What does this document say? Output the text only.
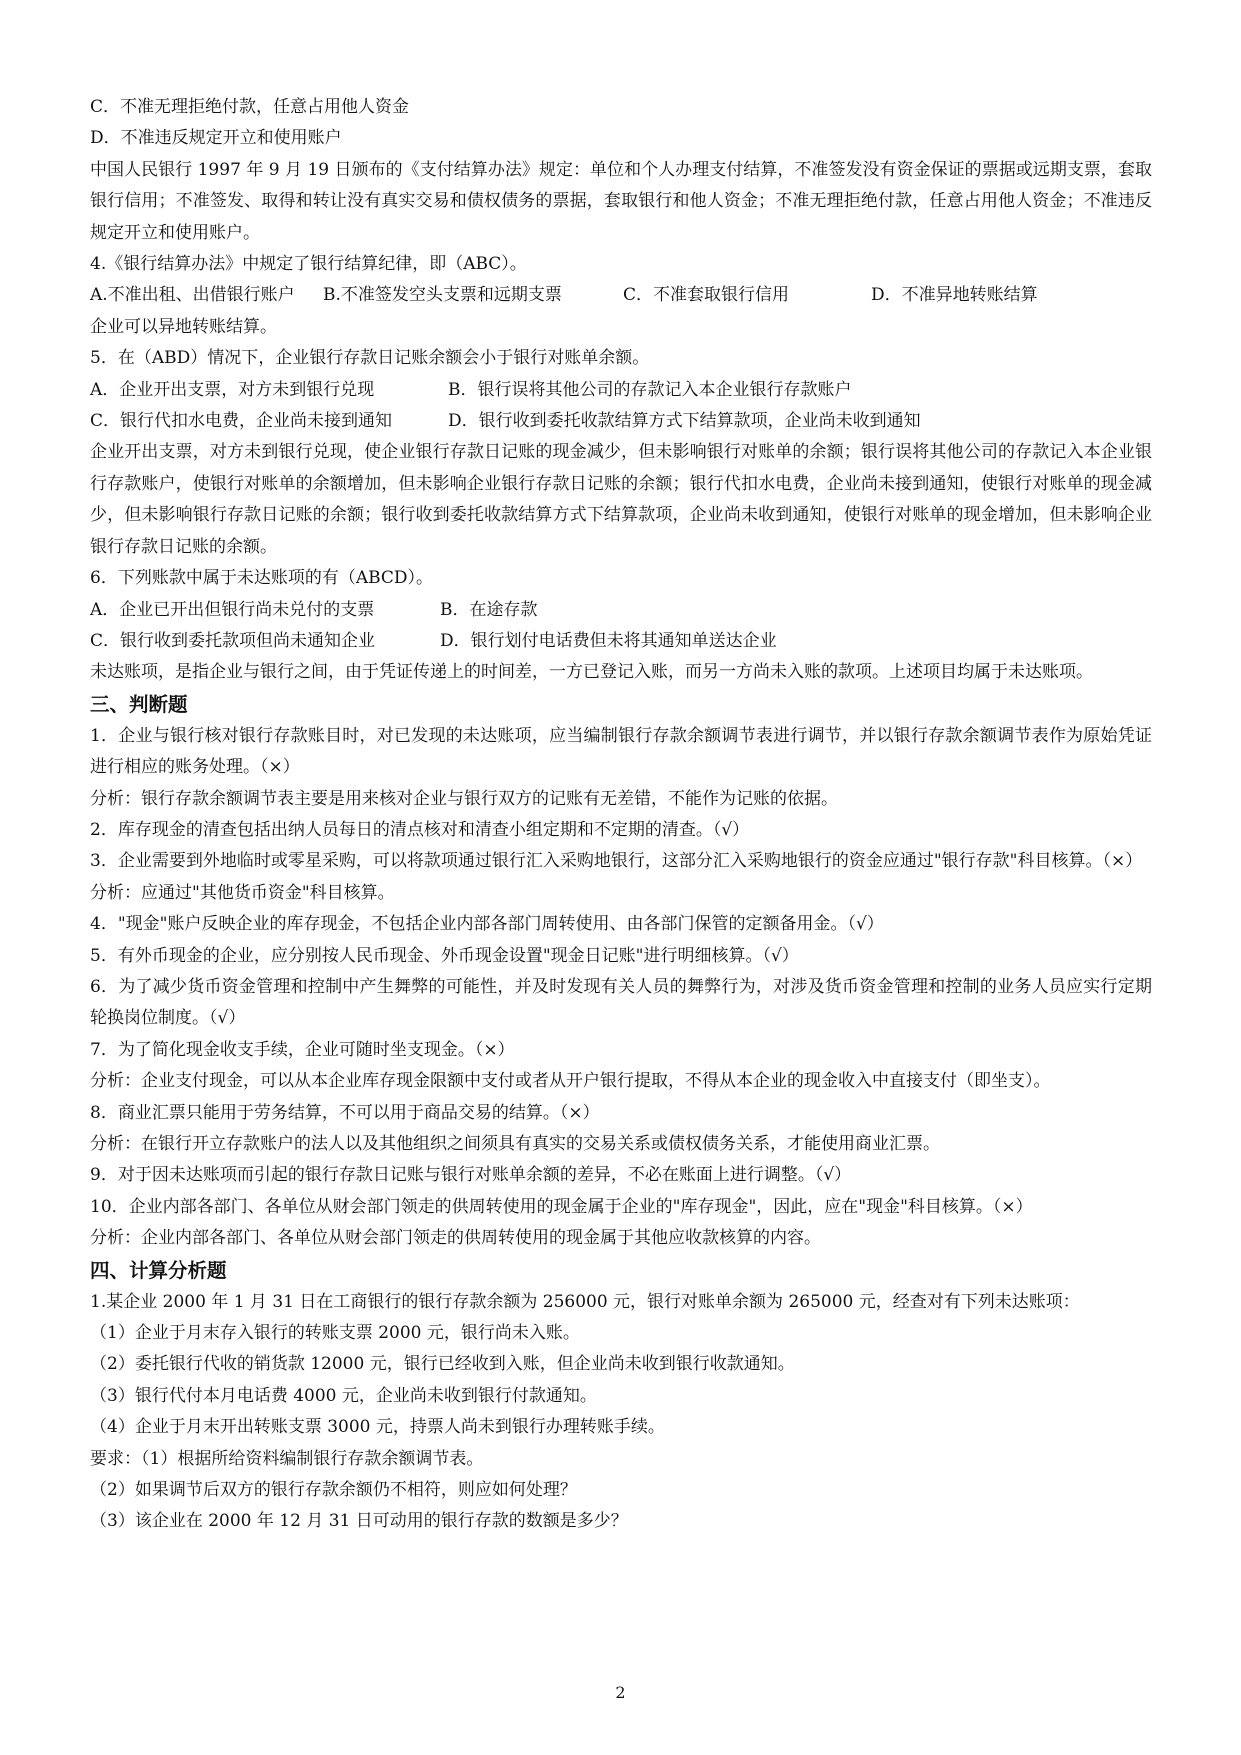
C．不准无理拒绝付款，任意占用他人资金

D．不准违反规定开立和使用账户

中国人民银行 1997 年 9 月 19 日颁布的《支付结算办法》规定：单位和个人办理支付结算，不准签发没有资金保证的票据或远期支票，套取银行信用；不准签发、取得和转让没有真实交易和债权债务的票据，套取银行和他人资金；不准无理拒绝付款，任意占用他人资金；不准违反规定开立和使用账户。

4.《银行结算办法》中规定了银行结算纪律，即（ABC）。

A.不准出租、出借银行账户	B.不准签发空头支票和远期支票	C．不准套取银行信用	D．不准异地转账结算

企业可以异地转账结算。

5．在（ABD）情况下，企业银行存款日记账余额会小于银行对账单余额。

A．企业开出支票，对方未到银行兑现	B．银行误将其他公司的存款记入本企业银行存款账户
C．银行代扣水电费，企业尚未接到通知	D．银行收到委托收款结算方式下结算款项，企业尚未收到通知

企业开出支票，对方未到银行兑现，使企业银行存款日记账的现金减少，但未影响银行对账单的余额；银行误将其他公司的存款记入本企业银行存款账户，使银行对账单的余额增加，但未影响企业银行存款日记账的余额；银行代扣水电费，企业尚未接到通知，使银行对账单的现金减少，但未影响银行存款日记账的余额；银行收到委托收款结算方式下结算款项，企业尚未收到通知，使银行对账单的现金增加，但未影响企业银行存款日记账的余额。

6．下列账款中属于未达账项的有（ABCD）。

A．企业已开出但银行尚未兑付的支票	B．在途存款
C．银行收到委托款项但尚未通知企业	D．银行划付电话费但未将其通知单送达企业

未达账项，是指企业与银行之间，由于凭证传递上的时间差，一方已登记入账，而另一方尚未入账的款项。上述项目均属于未达账项。

三、判断题

1．企业与银行核对银行存款账目时，对已发现的未达账项，应当编制银行存款余额调节表进行调节，并以银行存款余额调节表作为原始凭证进行相应的账务处理。（×）

分析：银行存款余额调节表主要是用来核对企业与银行双方的记账有无差错，不能作为记账的依据。

2．库存现金的清查包括出纳人员每日的清点核对和清查小组定期和不定期的清查。（√）

3．企业需要到外地临时或零星采购，可以将款项通过银行汇入采购地银行，这部分汇入采购地银行的资金应通过"银行存款"科目核算。（×）

分析：应通过"其他货币资金"科目核算。

4．"现金"账户反映企业的库存现金，不包括企业内部各部门周转使用、由各部门保管的定额备用金。（√）

5．有外币现金的企业，应分别按人民币现金、外币现金设置"现金日记账"进行明细核算。（√）

6．为了减少货币资金管理和控制中产生舞弊的可能性，并及时发现有关人员的舞弊行为，对涉及货币资金管理和控制的业务人员应实行定期轮换岗位制度。（√）

7．为了简化现金收支手续，企业可随时坐支现金。（×）

分析：企业支付现金，可以从本企业库存现金限额中支付或者从开户银行提取，不得从本企业的现金收入中直接支付（即坐支）。

8．商业汇票只能用于劳务结算，不可以用于商品交易的结算。（×）

分析：在银行开立存款账户的法人以及其他组织之间须具有真实的交易关系或债权债务关系，才能使用商业汇票。

9．对于因未达账项而引起的银行存款日记账与银行对账单余额的差异，不必在账面上进行调整。（√）

10．企业内部各部门、各单位从财会部门领走的供周转使用的现金属于企业的"库存现金"，因此，应在"现金"科目核算。（×）

分析：企业内部各部门、各单位从财会部门领走的供周转使用的现金属于其他应收款核算的内容。

四、计算分析题

1.某企业 2000 年 1 月 31 日在工商银行的银行存款余额为 256000 元，银行对账单余额为 265000 元，经查对有下列未达账项：

（1）企业于月末存入银行的转账支票 2000 元，银行尚未入账。

（2）委托银行代收的销货款 12000 元，银行已经收到入账，但企业尚未收到银行收款通知。

（3）银行代付本月电话费 4000 元，企业尚未收到银行付款通知。

（4）企业于月末开出转账支票 3000 元，持票人尚未到银行办理转账手续。

要求：（1）根据所给资料编制银行存款余额调节表。

（2）如果调节后双方的银行存款余额仍不相符，则应如何处理？

（3）该企业在 2000 年 12 月 31 日可动用的银行存款的数额是多少？

2
